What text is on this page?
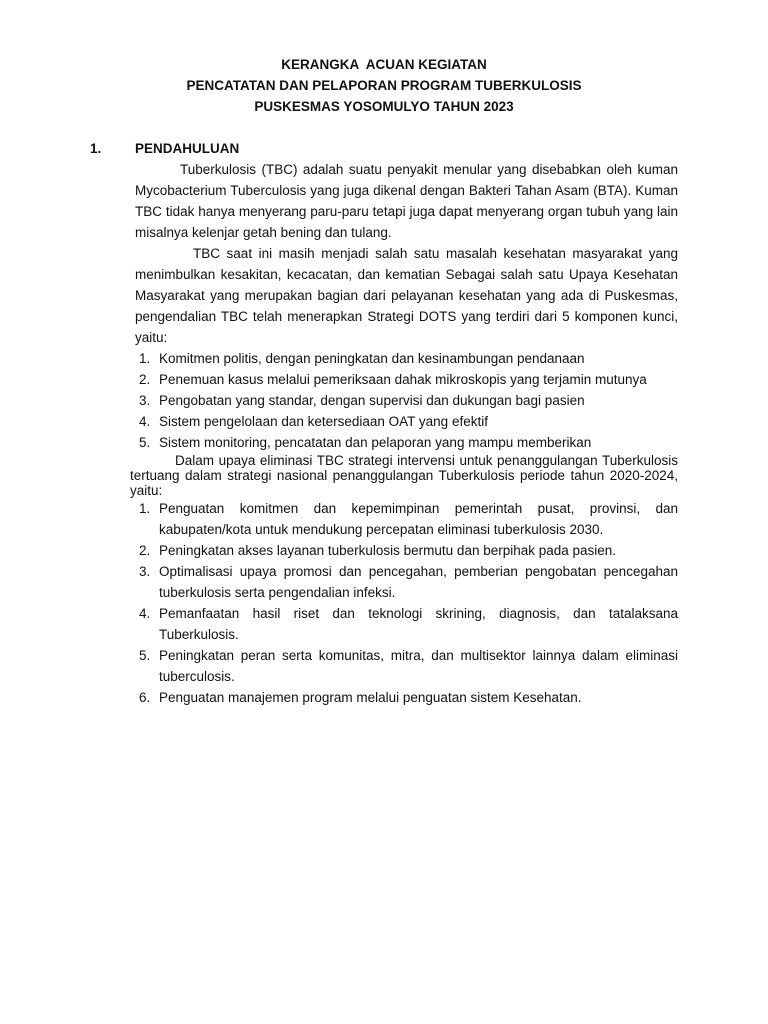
KERANGKA  ACUAN KEGIATAN
PENCATATAN DAN PELAPORAN PROGRAM TUBERKULOSIS
PUSKESMAS YOSOMULYO TAHUN 2023
1. PENDAHULUAN

Tuberkulosis (TBC) adalah suatu penyakit menular yang disebabkan oleh kuman Mycobacterium Tuberculosis yang juga dikenal dengan Bakteri Tahan Asam (BTA). Kuman TBC tidak hanya menyerang paru-paru tetapi juga dapat menyerang organ tubuh yang lain misalnya kelenjar getah bening dan tulang.

TBC saat ini masih menjadi salah satu masalah kesehatan masyarakat yang menimbulkan kesakitan, kecacatan, dan kematian Sebagai salah satu Upaya Kesehatan Masyarakat yang merupakan bagian dari pelayanan kesehatan yang ada di Puskesmas, pengendalian TBC telah menerapkan Strategi DOTS yang terdiri dari 5 komponen kunci, yaitu:

1. Komitmen politis, dengan peningkatan dan kesinambungan pendanaan
2. Penemuan kasus melalui pemeriksaan dahak mikroskopis yang terjamin mutunya
3. Pengobatan yang standar, dengan supervisi dan dukungan bagi pasien
4. Sistem pengelolaan dan ketersediaan OAT yang efektif
5. Sistem monitoring, pencatatan dan pelaporan yang mampu memberikan

Dalam upaya eliminasi TBC strategi intervensi untuk penanggulangan Tuberkulosis tertuang dalam strategi nasional penanggulangan Tuberkulosis periode tahun 2020-2024, yaitu:

1. Penguatan komitmen dan kepemimpinan pemerintah pusat, provinsi, dan kabupaten/kota untuk mendukung percepatan eliminasi tuberkulosis 2030.
2. Peningkatan akses layanan tuberkulosis bermutu dan berpihak pada pasien.
3. Optimalisasi upaya promosi dan pencegahan, pemberian pengobatan pencegahan tuberkulosis serta pengendalian infeksi.
4. Pemanfaatan hasil riset dan teknologi skrining, diagnosis, dan tatalaksana Tuberkulosis.
5. Peningkatan peran serta komunitas, mitra, dan multisektor lainnya dalam eliminasi tuberculosis.
6. Penguatan manajemen program melalui penguatan sistem Kesehatan.
